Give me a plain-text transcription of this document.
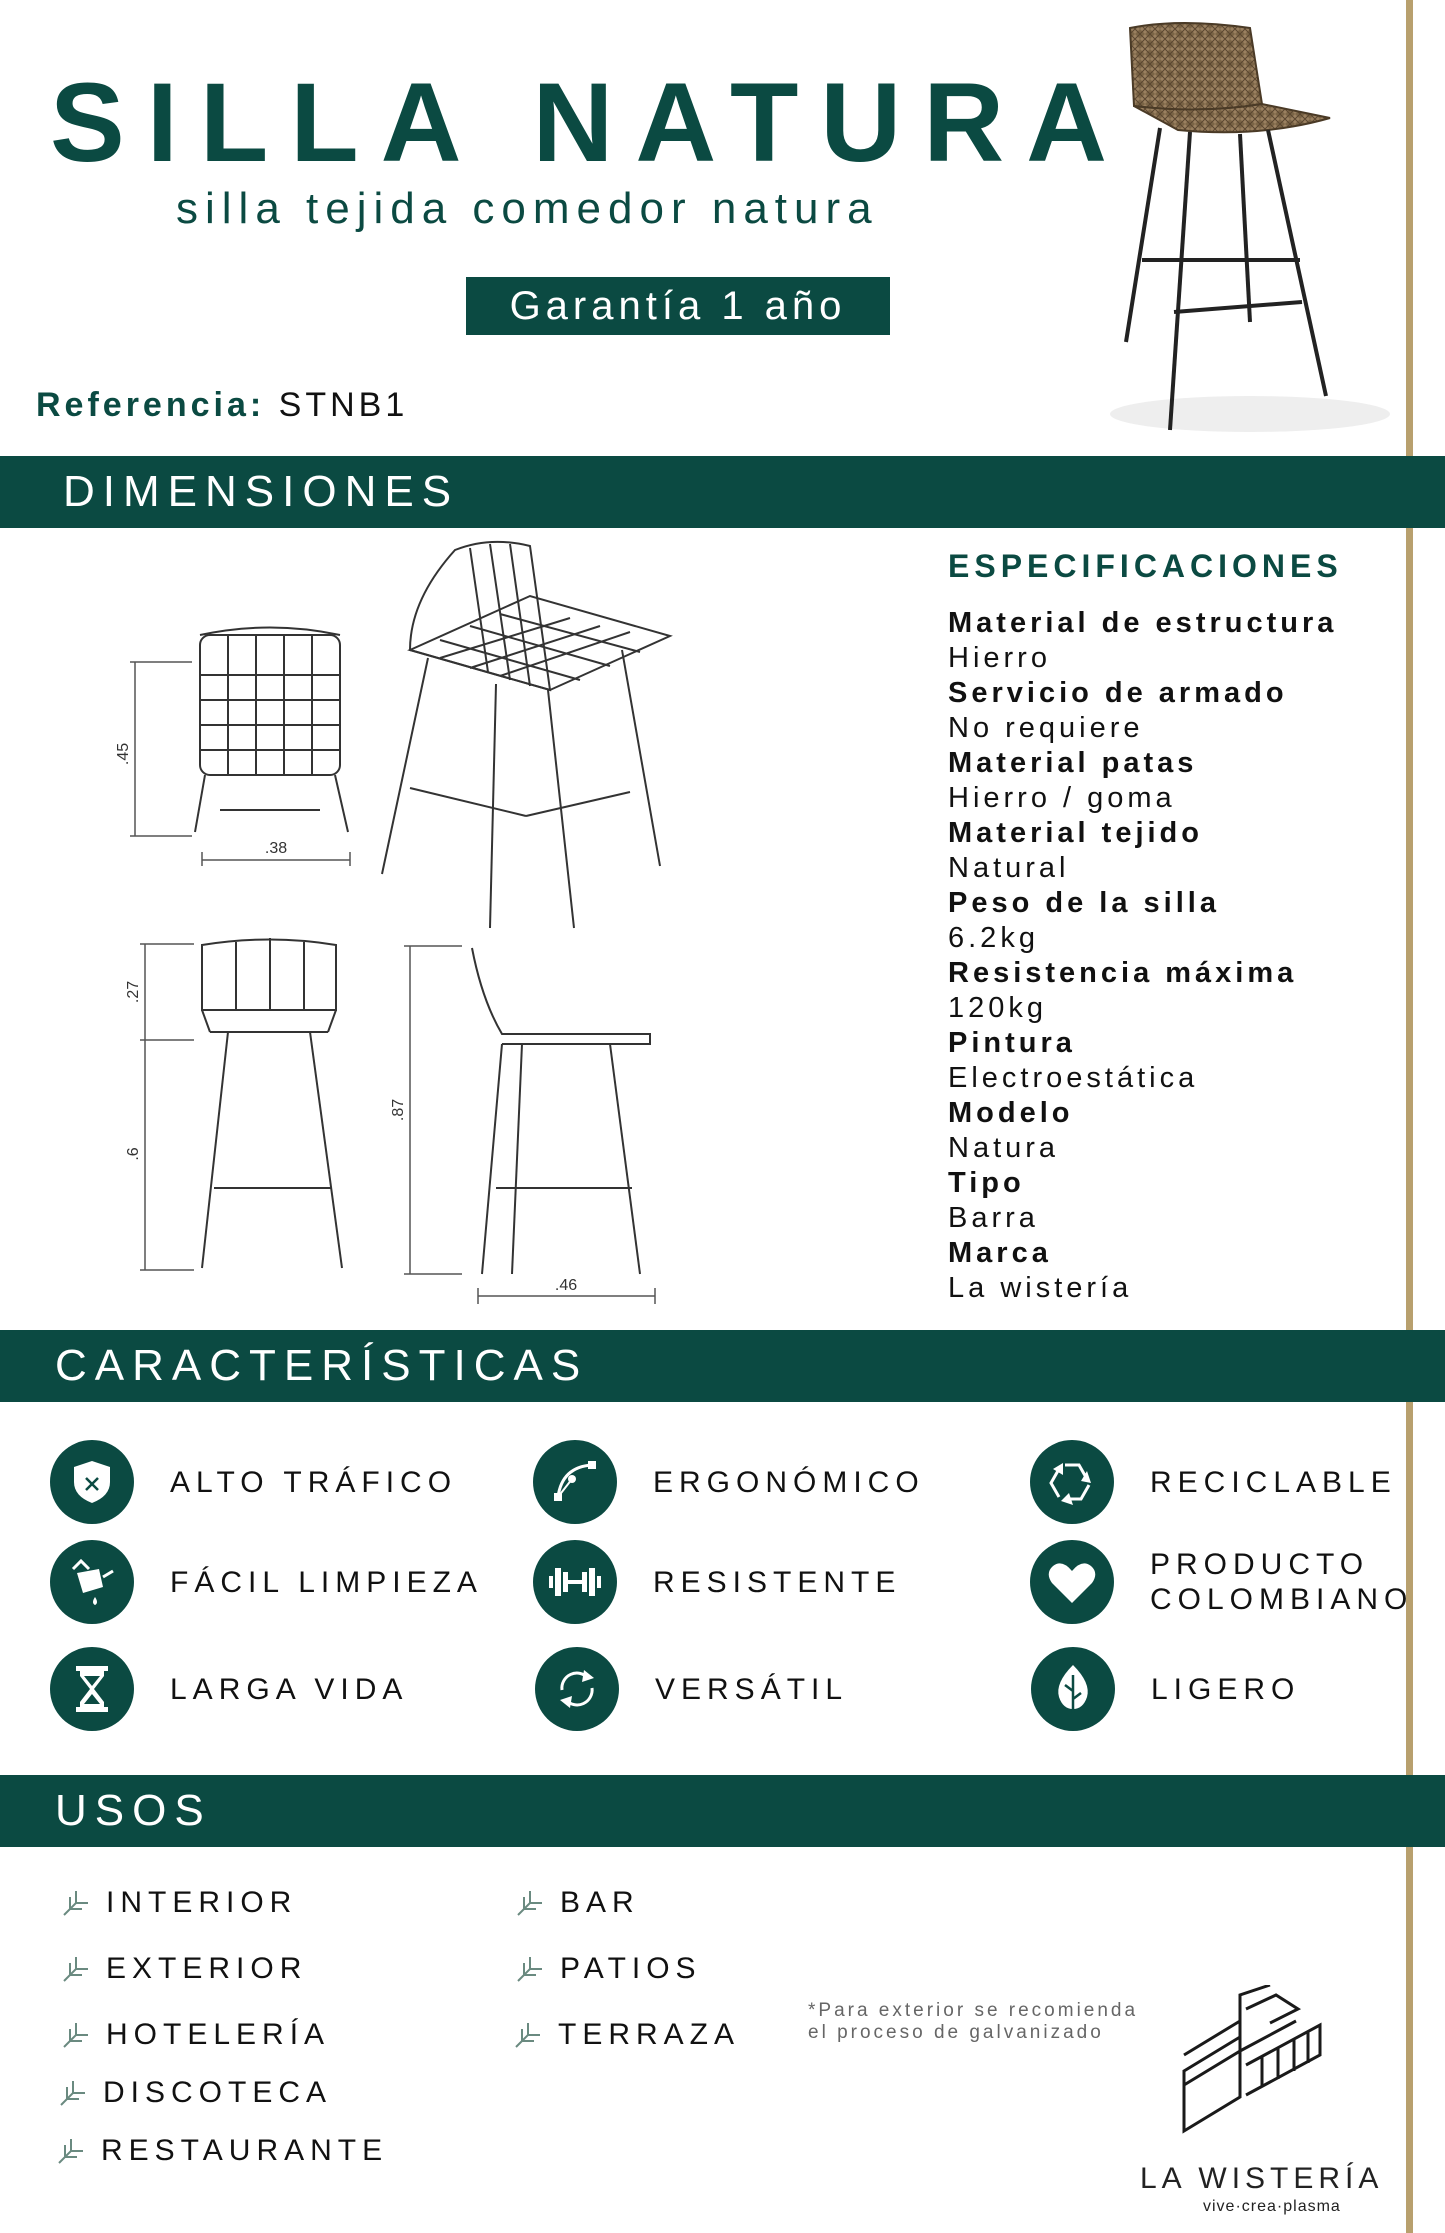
SILLA NATURA
silla tejida comedor natura
Garantía 1 año
Referencia: STNB1
DIMENSIONES
.45
.38
.27
.6
.87
.46
ESPECIFICACIONES
Material de estructura
Hierro
Servicio de armado
No requiere
Material patas
Hierro / goma
Material tejido
Natural
Peso de la silla
6.2kg
Resistencia máxima
120kg
Pintura
Electroestática
Modelo
Natura
Tipo
Barra
Marca
La wistería
CARACTERÍSTICAS
ALTO TRÁFICO	ERGONÓMICO	RECICLABLE
FÁCIL LIMPIEZA	RESISTENTE
PRODUCTO
COLOMBIANO
LARGA VIDA	VERSÁTIL	LIGERO
USOS
INTERIOR
EXTERIOR
HOTELERÍA
DISCOTECA
RESTAURANTE
BAR
PATIOS
TERRAZA
*Para exterior se recomienda
el proceso de galvanizado
LA WISTERÍA
vive·crea·plasma
